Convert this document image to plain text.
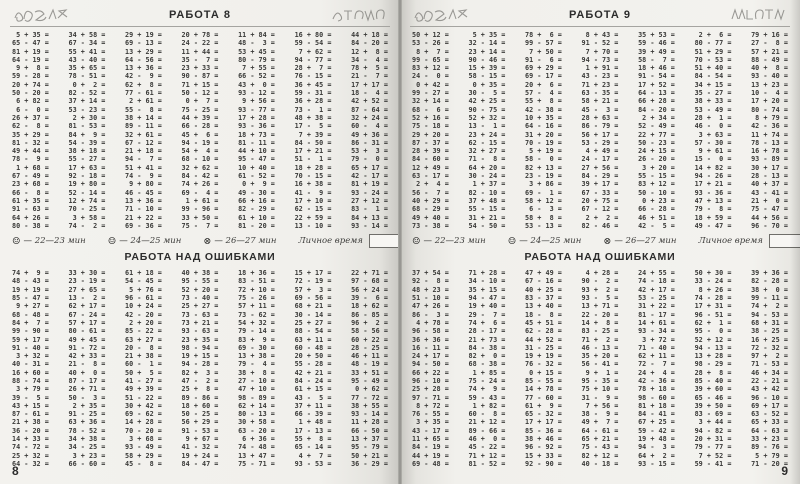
РАБОТА 8
5 + 35 =
65 - 47 =
81 + 19 =
64 - 19 =
9 +  8 =
59 - 28 =
20 + 74 =
50 - 20 =
6 + 82 =
6 -  0 =
26 + 37 =
62 -  8 =
35 + 29 =
81 - 32 =
49 + 44 =
78 -  9 =
1 + 68 =
67 - 49 =
23 + 68 =
66 -  8 =
61 + 35 =
91 - 63 =
64 + 26 =
80 - 38 =
34 + 58 =
67 - 34 =
55 + 41 =
43 - 40 =
35 + 65 =
78 - 51 =
0 +  2 =
82 - 52 =
37 + 14 =
53 - 23 =
2 + 30 =
81 - 53 =
84 +  9 =
54 - 39 =
38 + 18 =
55 - 27 =
17 + 63 =
92 - 18 =
19 + 80 =
52 - 14 =
12 + 74 =
70 - 25 =
3 + 58 =
74 -  2 =
29 + 19 =
69 - 13 =
13 + 29 =
64 - 56 =
13 + 36 =
42 -  9 =
62 +  8 =
77 - 61 =
2 + 61 =
55 -  8 =
38 + 14 =
89 - 11 =
32 + 61 =
67 - 12 =
21 + 18 =
94 -  7 =
51 + 41 =
74 -  9 =
9 + 80 =
46 - 45 =
13 + 36 =
71 - 10 =
21 + 22 =
69 - 36 =
20 + 78 =
24 - 22 =
11 + 44 =
35 -  7 =
23 + 33 =
90 - 87 =
71 + 15 =
50 - 12 =
0 +  7 =
75 - 25 =
44 + 39 =
66 - 28 =
45 +  6 =
94 - 19 =
54 +  4 =
68 - 10 =
32 + 62 =
84 - 42 =
74 + 26 =
69 -  4 =
1 + 61 =
99 - 96 =
33 + 50 =
75 -  7 =
11 + 84 =
48 -  3 =
53 + 45 =
80 - 79 =
7 + 55 =
66 - 52 =
43 +  0 =
93 - 12 =
9 + 56 =
93 - 77 =
17 + 28 =
93 - 36 =
18 + 73 =
81 - 11 =
44 + 10 =
95 - 47 =
10 + 40 =
61 - 52 =
0 +  9 =
49 - 30 =
66 + 16 =
82 - 29 =
61 + 10 =
81 - 20 =
16 + 80 =
59 - 54 =
7 + 62 =
94 - 77 =
28 +  7 =
76 - 15 =
36 + 45 =
59 - 31 =
36 + 28 =
73 -  1 =
48 + 38 =
17 -  5 =
7 + 39 =
84 - 50 =
17 + 21 =
51 -  1 =
18 + 28 =
70 - 15 =
16 + 38 =
41 -  9 =
17 + 10 =
62 - 15 =
22 + 59 =
13 - 10 =
44 + 18 =
84 - 20 =
12 +  8 =
34 -  4 =
78 +  5 =
21 -  7 =
17 + 17 =
18 -  4 =
42 + 52 =
87 - 64 =
32 + 24 =
60 -  4 =
49 + 36 =
86 - 31 =
53 +  3 =
79 -  0 =
65 + 17 =
42 - 17 =
81 + 19 =
93 - 24 =
27 + 12 =
83 -  1 =
84 + 13 =
93 - 14 =
☺ — 22—23 мин ☺ — 24—25 мин ⊗ — 26—27 мин	Личное время
РАБОТА НАД ОШИБКАМИ
74 +  9 =
48 - 43 =
19 + 19 =
85 - 47 =
9 + 27 =
68 - 48 =
84 +  7 =
99 - 90 =
59 + 17 =
91 - 40 =
3 + 32 =
40 - 31 =
16 + 60 =
88 - 74 =
3 + 79 =
39 -  5 =
43 + 15 =
87 - 61 =
21 + 38 =
36 - 20 =
14 + 33 =
74 - 72 =
25 + 32 =
64 - 32 =
33 + 30 =
23 - 19 =
27 + 65 =
13 -  2 =
62 + 17 =
67 - 24 =
57 + 17 =
80 - 61 =
49 + 45 =
91 - 72 =
42 + 33 =
21 -  8 =
40 +  0 =
87 - 17 =
26 + 71 =
50 -  3 =
2 + 35 =
91 - 25 =
63 + 36 =
78 - 52 =
34 + 38 =
34 - 25 =
3 + 23 =
66 - 60 =
61 + 18 =
54 - 45 =
5 + 76 =
96 - 61 =
10 + 24 =
42 - 20 =
2 + 20 =
85 - 22 =
63 + 27 =
20 -  8 =
21 + 38 =
60 -  1 =
50 +  5 =
41 - 27 =
49 + 39 =
51 - 22 =
30 + 42 =
69 - 62 =
14 + 28 =
70 - 20 =
3 + 68 =
93 - 49 =
58 + 29 =
45 -  8 =
40 + 38 =
95 - 55 =
52 + 20 =
73 - 40 =
25 + 27 =
73 - 63 =
73 + 21 =
93 - 63 =
23 + 35 =
98 - 94 =
19 + 15 =
94 - 28 =
82 +  3 =
47 -  2 =
25 +  8 =
89 - 86 =
18 + 60 =
50 - 25 =
56 + 29 =
91 - 53 =
9 + 67 =
41 - 32 =
19 + 24 =
84 - 47 =
18 + 36 =
83 - 51 =
72 + 10 =
75 - 26 =
57 + 11 =
73 - 62 =
54 + 32 =
79 - 14 =
83 +  9 =
69 - 30 =
13 + 38 =
79 -  4 =
38 +  8 =
27 - 10 =
47 + 10 =
98 - 89 =
62 + 14 =
80 - 13 =
30 + 58 =
63 - 20 =
6 + 36 =
74 - 48 =
13 + 47 =
75 - 71 =
15 + 17 =
72 - 19 =
57 +  3 =
69 - 56 =
68 + 21 =
30 - 14 =
25 + 27 =
88 - 54 =
63 + 11 =
60 - 48 =
20 + 50 =
55 - 28 =
42 + 21 =
84 - 24 =
61 + 15 =
43 -  5 =
37 + 11 =
66 - 39 =
1 + 48 =
17 - 13 =
55 +  8 =
65 - 14 =
4 +  7 =
93 - 53 =
22 + 71 =
97 - 68 =
56 + 24 =
39 -  6 =
18 + 62 =
86 - 85 =
96 +  2 =
58 - 56 =
60 + 22 =
28 - 25 =
46 + 11 =
48 - 19 =
33 + 51 =
95 - 49 =
0 + 62 =
77 - 72 =
38 + 55 =
93 - 14 =
11 + 28 =
66 - 50 =
13 + 37 =
95 - 79 =
50 + 21 =
36 - 29 =
8
РАБОТА 9
50 + 12 =
53 - 26 =
8 +  7 =
99 - 65 =
83 + 12 =
24 -  0 =
0 + 42 =
99 - 27 =
32 + 14 =
68 -  6 =
52 + 16 =
75 - 18 =
29 + 20 =
87 - 37 =
28 + 39 =
84 - 60 =
12 + 49 =
63 - 17 =
2 +  4 =
56 -  7 =
40 + 29 =
68 - 29 =
49 + 40 =
73 - 38 =
5 + 35 =
32 - 14 =
23 + 14 =
90 - 46 =
15 + 39 =
58 - 15 =
0 + 35 =
30 -  5 =
42 + 25 =
90 - 75 =
52 + 32 =
13 -  1 =
23 + 24 =
62 - 15 =
32 + 27 =
71 -  8 =
64 + 20 =
30 - 24 =
1 + 37 =
82 - 10 =
37 + 48 =
55 - 15 =
31 + 21 =
54 - 50 =
78 +  6 =
99 - 57 =
7 + 50 =
91 -  6 =
69 + 29 =
69 - 17 =
20 +  6 =
57 -  4 =
55 +  8 =
42 - 38 =
10 + 35 =
64 - 16 =
31 + 20 =
70 - 19 =
5 + 19 =
58 -  0 =
82 + 13 =
23 - 19 =
3 + 86 =
69 -  1 =
58 + 12 =
6 -  3 =
58 +  8 =
53 - 13 =
8 + 43 =
91 - 52 =
7 + 70 =
94 - 73 =
1 + 91 =
43 - 23 =
71 + 23 =
63 - 35 =
58 + 21 =
45 -  3 =
28 + 63 =
86 - 79 =
56 + 17 =
53 - 29 =
4 + 49 =
24 - 17 =
27 + 56 =
84 - 29 =
39 + 17 =
67 - 33 =
20 + 75 =
67 - 12 =
2 +  2 =
82 - 46 =
35 + 53 =
59 - 46 =
39 + 49 =
58 -  7 =
18 + 46 =
91 - 54 =
17 + 52 =
64 - 13 =
66 + 28 =
84 - 20 =
2 + 34 =
52 - 49 =
22 + 77 =
50 - 23 =
24 + 15 =
26 - 20 =
3 + 20 =
55 - 15 =
83 + 12 =
50 - 10 =
0 + 23 =
66 - 28 =
46 + 51 =
42 -  5 =
2 +  6 =
80 - 77 =
51 + 29 =
70 - 53 =
51 + 40 =
84 - 54 =
34 + 15 =
35 - 27 =
38 + 33 =
53 - 49 =
28 +  1 =
46 -  0 =
3 + 63 =
57 - 30 =
9 + 61 =
15 -  0 =
14 + 82 =
94 - 26 =
17 + 21 =
93 - 36 =
47 + 13 =
79 -  8 =
18 + 59 =
49 - 47 =
79 + 16 =
27 -  8 =
57 + 21 =
88 - 49 =
40 +  8 =
93 - 40 =
13 + 23 =
10 -  4 =
17 + 20 =
80 - 74 =
8 + 79 =
42 - 36 =
11 + 74 =
78 - 13 =
16 + 78 =
93 - 89 =
30 + 17 =
28 - 13 =
40 + 37 =
43 - 41 =
21 +  0 =
75 - 47 =
44 + 56 =
96 - 70 =
☺ — 22—23 мин ☺ — 24—25 мин ⊗ — 26—27 мин	Личное время
РАБОТА НАД ОШИБКАМИ
37 + 54 =
92 -  8 =
48 + 23 =
51 - 10 =
47 + 26 =
86 -  3 =
4 + 78 =
96 - 58 =
36 + 36 =
16 - 11 =
24 + 17 =
94 - 50 =
66 + 22 =
96 - 10 =
25 + 28 =
97 - 71 =
8 + 72 =
76 - 55 =
3 + 35 =
43 - 17 =
11 + 65 =
84 - 19 =
44 + 19 =
69 - 48 =
71 + 28 =
34 - 10 =
35 + 15 =
94 - 47 =
19 + 40 =
29 -  7 =
74 +  6 =
28 - 17 =
21 + 73 =
84 - 38 =
82 +  0 =
68 - 38 =
1 + 85 =
75 - 24 =
74 +  9 =
59 - 43 =
1 + 82 =
60 -  8 =
21 + 12 =
89 - 66 =
46 +  0 =
45 - 22 =
71 + 12 =
81 - 52 =
47 + 49 =
67 - 16 =
40 + 25 =
83 - 37 =
13 + 40 =
18 -  8 =
45 + 51 =
62 - 28 =
44 + 52 =
31 - 25 =
19 + 19 =
76 - 32 =
0 + 15 =
85 - 55 =
14 + 78 =
77 - 60 =
61 +  9 =
65 - 32 =
17 + 17 =
85 - 36 =
38 + 46 =
96 - 92 =
15 + 33 =
92 - 90 =
4 + 28 =
90 -  2 =
93 +  2 =
93 -  5 =
13 + 71 =
22 - 20 =
14 +  8 =
83 - 25 =
71 +  2 =
46 - 13 =
35 + 20 =
56 - 41 =
9 +  1 =
95 - 35 =
75 + 10 =
31 -  9 =
7 + 56 =
38 -  9 =
49 +  7 =
64 - 61 =
65 + 21 =
75 - 43 =
82 + 12 =
40 - 18 =
24 + 55 =
74 - 18 =
42 + 17 =
53 - 25 =
31 + 22 =
81 - 17 =
14 + 61 =
93 - 34 =
3 + 72 =
71 - 40 =
62 + 11 =
72 -  7 =
24 +  4 =
42 - 36 =
78 + 18 =
98 - 60 =
81 + 18 =
84 - 41 =
67 + 25 =
59 - 42 =
19 + 48 =
94 -  3 =
64 +  2 =
93 - 15 =
50 + 30 =
33 - 24 =
8 + 26 =
74 - 28 =
17 + 31 =
96 - 51 =
62 +  1 =
95 -  0 =
52 + 12 =
94 - 13 =
13 + 28 =
98 - 29 =
28 +  8 =
85 - 40 =
39 + 60 =
65 - 46 =
39 + 50 =
83 - 69 =
3 + 44 =
94 - 82 =
20 + 31 =
79 - 77 =
7 + 52 =
59 - 41 =
39 + 36 =
82 - 28 =
38 +  0 =
99 - 11 =
74 +  2 =
94 - 53 =
68 + 31 =
38 - 25 =
16 + 25 =
72 - 32 =
97 +  2 =
71 - 53 =
46 + 34 =
22 - 21 =
43 + 42 =
96 - 10 =
69 + 17 =
63 - 52 =
65 + 33 =
64 - 63 =
33 + 23 =
89 - 76 =
5 + 79 =
71 - 20 =
9
